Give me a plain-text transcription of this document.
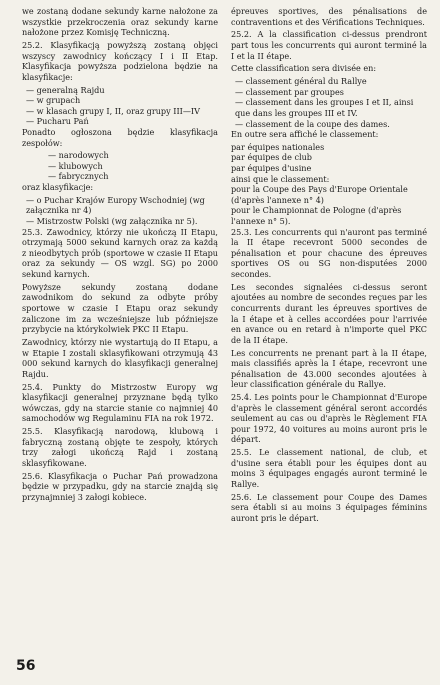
we zostaną dodane sekundy karne nałożone za wszystkie przekroczenia oraz sekundy karne nałożone przez Komisję Techniczną.

25.2. Klasyfikacją powyższą zostaną objęci wszyscy zawodnicy kończący I i II Etap. Klasyfikacja powyższa podzielona będzie na klasyfikacje:

— generalną Rajdu
— w grupach
— w klasach grupy I, II, oraz grupy III—IV
— Pucharu Pań

Ponadto ogłoszona będzie klasyfikacja zespołów:

— narodowych
— klubowych
— fabrycznych

oraz klasyfikacje:

— o Puchar Krajów Europy Wschodniej (wg załącznika nr 4)
— Mistrzostw Polski (wg załącznika nr 5).

25.3. Zawodnicy, którzy nie ukończą II Etapu, otrzymają 5000 sekund karnych oraz za każdą z nieodbytych prób (sportowe w czasie II Etapu oraz za sekundy — OS wzgl. SG) po 2000 sekund karnych.

Powyższe sekundy zostaną dodane zawodnikom do sekund za odbyte próby sportowe w czasie I Etapu oraz sekundy zaliczone im za wcześniejsze lub późniejsze przybycie na którykolwiek PKC II Etapu.

Zawodnicy, którzy nie wystartują do II Etapu, a w Etapie I zostali sklasyfikowani otrzymują 43 000 sekund karnych do klasyfikacji generalnej Rajdu.

25.4. Punkty do Mistrzostw Europy wg klasyfikacji generalnej przyznane będą tylko wówczas, gdy na starcie stanie co najmniej 40 samochodów wg Regulaminu FIA na rok 1972.

25.5. Klasyfikacją narodową, klubową i fabryczną zostaną objęte te zespoły, których trzy załogi ukończą Rajd i zostaną sklasyfikowane.

25.6. Klasyfikacja o Puchar Pań prowadzona będzie w przypadku, gdy na starcie znajdą się przynajmniej 3 załogi kobiece.

épreuves sportives, des pénalisations de contraventions et des Vérifications Techniques.

25.2. A la classification ci-dessus prendront part tous les concurrents qui auront terminé la I et la II étape.

Cette classification sera divisée en:

— classement général du Rallye
— classement par groupes
— classement dans les groupes I et II, ainsi que dans les groupes III et IV.
— classement de la coupe des dames.

En outre sera affiché le classement:

par équipes nationales
par équipes de club
par équipes d'usine
ainsi que le classement:
pour la Coupe des Pays d'Europe Orientale (d'après l'annexe n° 4)
pour le Championnat de Pologne (d'après l'annexe n° 5).

25.3. Les concurrents qui n'auront pas terminé la II étape recevront 5000 secondes de pénalisation et pour chacune des épreuves sportives OS ou SG non-disputées 2000 secondes.

Les secondes signalées ci-dessus seront ajoutées au nombre de secondes reçues par les concurrents durant les épreuves sportives de la I étape et à celles accordées pour l'arrivée en avance ou en retard à n'importe quel PKC de la II étape.

Les concurrents ne prenant part à la II étape, mais classifiés après la I étape, recevront une pénalisation de 43.000 secondes ajoutées à leur classification générale du Rallye.

25.4. Les points pour le Championnat d'Europe d'après le classement général seront accordés seulement au cas ou d'après le Règlement FIA pour 1972, 40 voitures au moins auront pris le départ.

25.5. Le classement national, de club, et d'usine sera établi pour les équipes dont au moins 3 équipages engagés auront terminé le Rallye.

25.6. Le classement pour Coupe des Dames sera établi si au moins 3 équipages féminins auront pris le départ.

56
